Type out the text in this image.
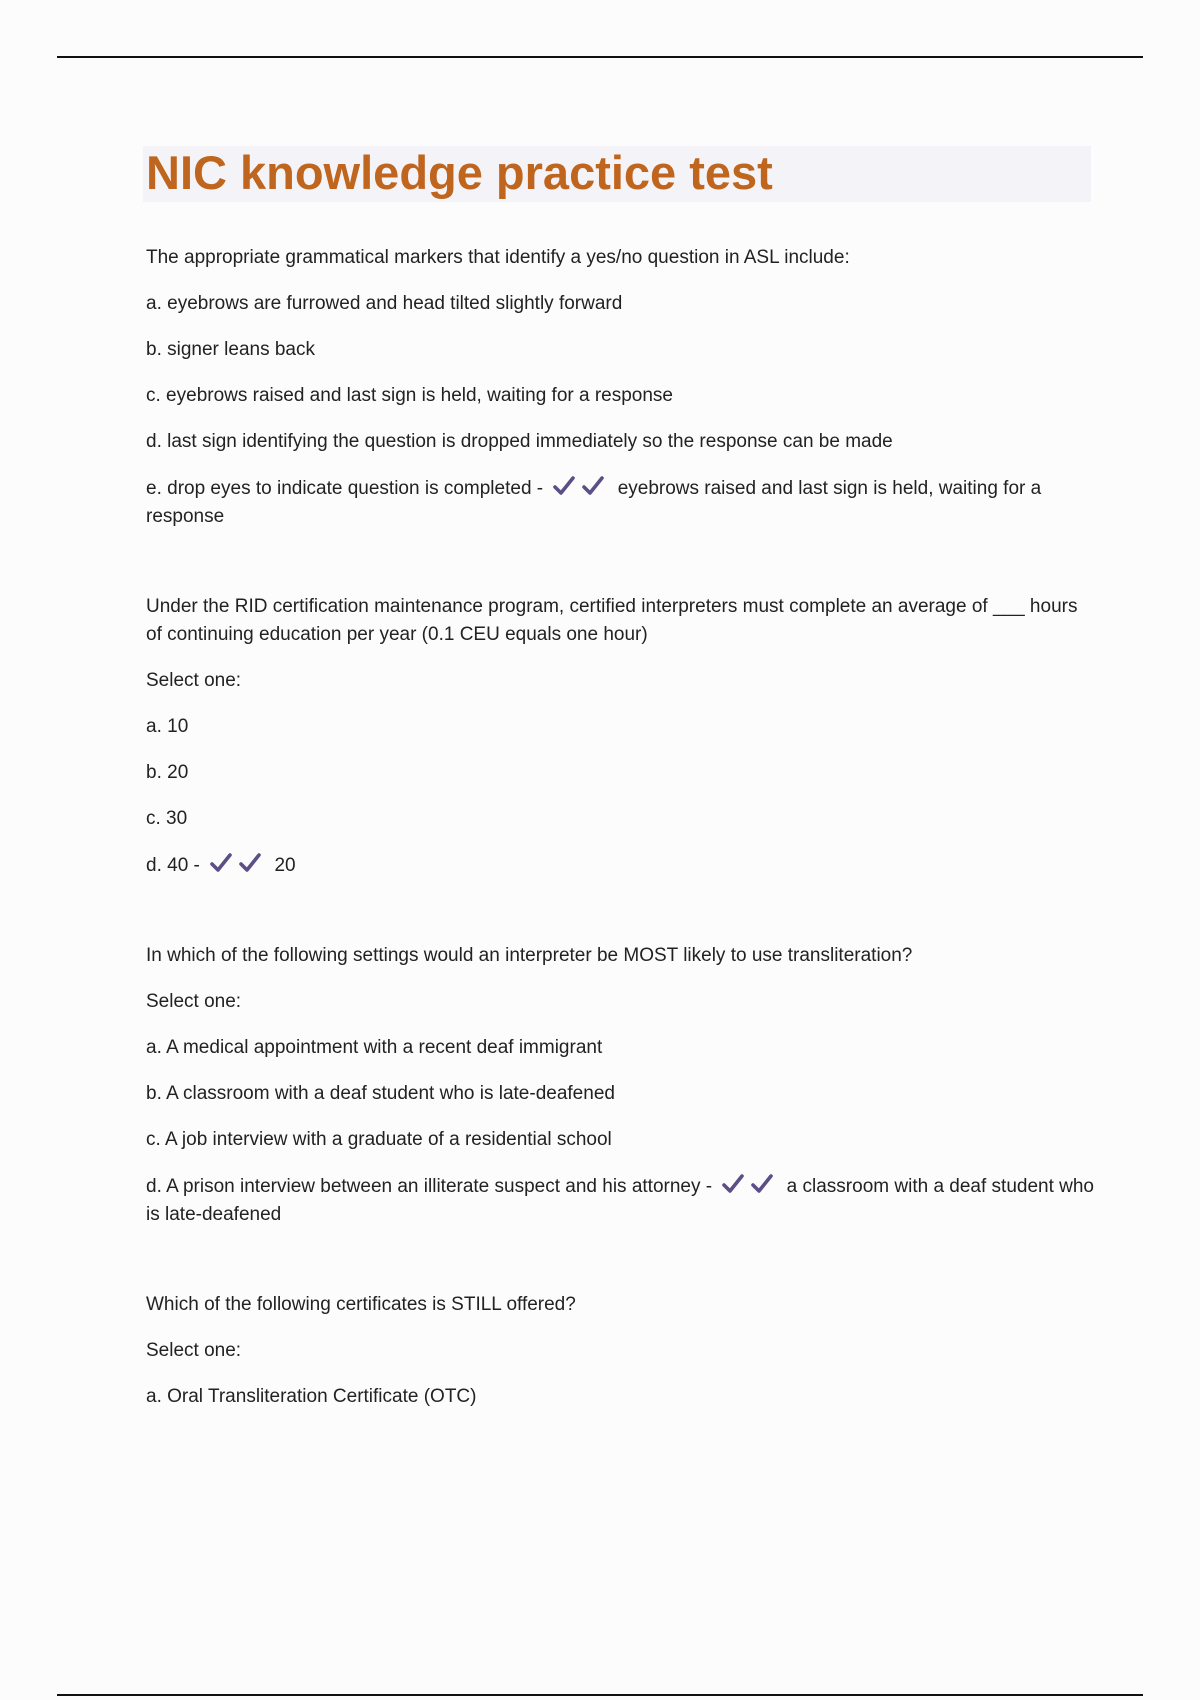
NIC knowledge practice test

The appropriate grammatical markers that identify a yes/no question in ASL include:

a. eyebrows are furrowed and head tilted slightly forward

b. signer leans back

c. eyebrows raised and last sign is held, waiting for a response

d. last sign identifying the question is dropped immediately so the response can be made

e. drop eyes to indicate question is completed -	eyebrows raised and last sign is held, waiting for a response

Under the RID certification maintenance program, certified interpreters must complete an average of ___ hours of continuing education per year (0.1 CEU equals one hour)

Select one:

a. 10

b. 20

c. 30

d. 40 -	20

In which of the following settings would an interpreter be MOST likely to use transliteration?

Select one:

a. A medical appointment with a recent deaf immigrant

b. A classroom with a deaf student who is late-deafened

c. A job interview with a graduate of a residential school

d. A prison interview between an illiterate suspect and his attorney -	a classroom with a deaf student who is late-deafened

Which of the following certificates is STILL offered?

Select one:

a. Oral Transliteration Certificate (OTC)
